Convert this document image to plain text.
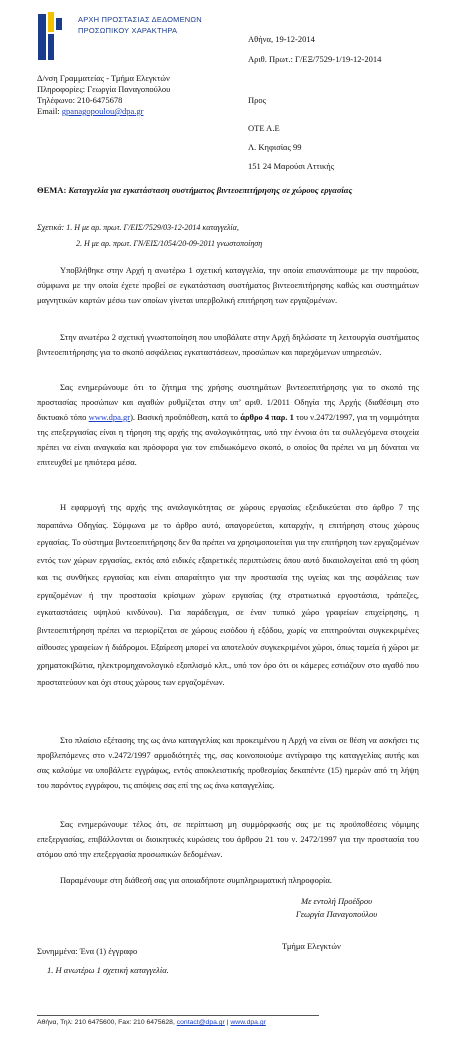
ΑΡΧΗ ΠΡΟΣΤΑΣΙΑΣ ΔΕΔΟΜΕΝΩΝ
ΠΡΟΣΩΠΙΚΟΥ ΧΑΡΑΚΤΗΡΑ
Αθήνα, 19-12-2014
Αριθ. Πρωτ.: Γ/ΕΞ/7529-1/19-12-2014
Δ/νση Γραμματείας - Τμήμα Ελεγκτών
Πληροφορίες: Γεωργία Παναγοπούλου
Τηλέφωνο: 210-6475678
Email: gpanagopoulou@dpa.gr
Προς
ΟΤΕ Α.Ε
Λ. Κηφισίας 99
151 24 Μαρούσι Αττικής
ΘΕΜΑ: Καταγγελία για εγκατάσταση συστήματος βιντεοεπιτήρησης σε χώρους εργασίας
Σχετικά: 1. Η με αρ. πρωτ. Γ/ΕΙΣ/7529/03-12-2014 καταγγελία,
2. Η με αρ. πρωτ. ΓΝ/ΕΙΣ/1054/20-09-2011 γνωστοποίηση
Υποβλήθηκε στην Αρχή η ανωτέρω 1 σχετική καταγγελία, την οποία επισυνάπτουμε με την παρούσα, σύμφωνα με την οποία έχετε προβεί σε εγκατάσταση συστήματος βιντεοεπιτήρησης καθώς και συστημάτων μαγνητικών καρτών μέσω των οποίων γίνεται υπερβολική επιτήρηση των εργαζομένων.
Στην ανωτέρω 2 σχετική γνωστοποίηση που υποβάλατε στην Αρχή δηλώσατε τη λειτουργία συστήματος βιντεοεπιτήρησης για το σκοπό ασφάλειας εγκαταστάσεων, προσώπων και παρεχόμενων υπηρεσιών.
Σας ενημερώνουμε ότι το ζήτημα της χρήσης συστημάτων βιντεοεπιτήρησης για το σκοπό της προστασίας προσώπων και αγαθών ρυθμίζεται στην υπ’ αριθ. 1/2011 Οδηγία της Αρχής (διαθέσιμη στο δικτυακό τόπο www.dpa.gr). Βασική προϋπόθεση, κατά το άρθρο 4 παρ. 1 του ν.2472/1997, για τη νομιμότητα της επεξεργασίας είναι η τήρηση της αρχής της αναλογικότητας, υπό την έννοια ότι τα συλλεγόμενα στοιχεία πρέπει να είναι αναγκαία και πρόσφορα για τον επιδιωκόμενο σκοπό, ο οποίος θα πρέπει να μη δύναται να επιτευχθεί με ηπιότερα μέσα.
Η εφαρμογή της αρχής της αναλογικότητας σε χώρους εργασίας εξειδικεύεται στο άρθρο 7 της παραπάνω Οδηγίας. Σύμφωνα με το άρθρο αυτό, απαγορεύεται, καταρχήν, η επιτήρηση στους χώρους εργασίας. Το σύστημα βιντεοεπιτήρησης δεν θα πρέπει να χρησιμοποιείται για την επιτήρηση των εργαζομένων εντός των χώρων εργασίας, εκτός από ειδικές εξαιρετικές περιπτώσεις όπου αυτό δικαιολογείται από τη φύση και τις συνθήκες εργασίας και είναι απαραίτητο για την προστασία της υγείας και της ασφάλειας των εργαζομένων ή την προστασία κρίσιμων χώρων εργασίας (πχ στρατιωτικά εργοστάσια, τράπεζες, εγκαταστάσεις υψηλού κινδύνου). Για παράδειγμα, σε έναν τυπικό χώρο γραφείων επιχείρησης, η βιντεοεπιτήρηση πρέπει να περιορίζεται σε χώρους εισόδου ή εξόδου, χωρίς να επιτηρούνται συγκεκριμένες αίθουσες γραφείων ή διάδρομοι. Εξαίρεση μπορεί να αποτελούν συγκεκριμένοι χώροι, όπως ταμεία ή χώροι με χρηματοκιβώτια, ηλεκτρομηχανολογικό εξοπλισμό κλπ., υπό τον όρο ότι οι κάμερες εστιάζουν στο αγαθό που προστατεύουν και όχι στους χώρους των εργαζομένων.
Στο πλαίσιο εξέτασης της ως άνω καταγγελίας και προκειμένου η Αρχή να είναι σε θέση να ασκήσει τις προβλεπόμενες στο ν.2472/1997 αρμοδιότητές της, σας κοινοποιούμε αντίγραφο της καταγγελίας αυτής και σας καλούμε να υποβάλετε εγγράφως, εντός αποκλειστικής προθεσμίας δεκαπέντε (15) ημερών από τη λήψη του παρόντος εγγράφου, τις απόψεις σας επί της ως άνω καταγγελίας.
Σας ενημερώνουμε τέλος ότι, σε περίπτωση μη συμμόρφωσής σας με τις προϋποθέσεις νόμιμης επεξεργασίας, επιβάλλονται οι διοικητικές κυρώσεις του άρθρου 21 του ν. 2472/1997 για την προστασία του ατόμου από την επεξεργασία προσωπικών δεδομένων.
Παραμένουμε στη διάθεσή σας για οποιαδήποτε συμπληρωματική πληροφορία.
Με εντολή Προέδρου
Γεωργία Παναγοπούλου
Τμήμα Ελεγκτών
Συνημμένα: Ένα (1) έγγραφο
1. Η ανωτέρω 1 σχετική καταγγελία.
Αθήνα, Τηλ: 210 6475600, Fax: 210 6475628, contact@dpa.gr | www.dpa.gr
